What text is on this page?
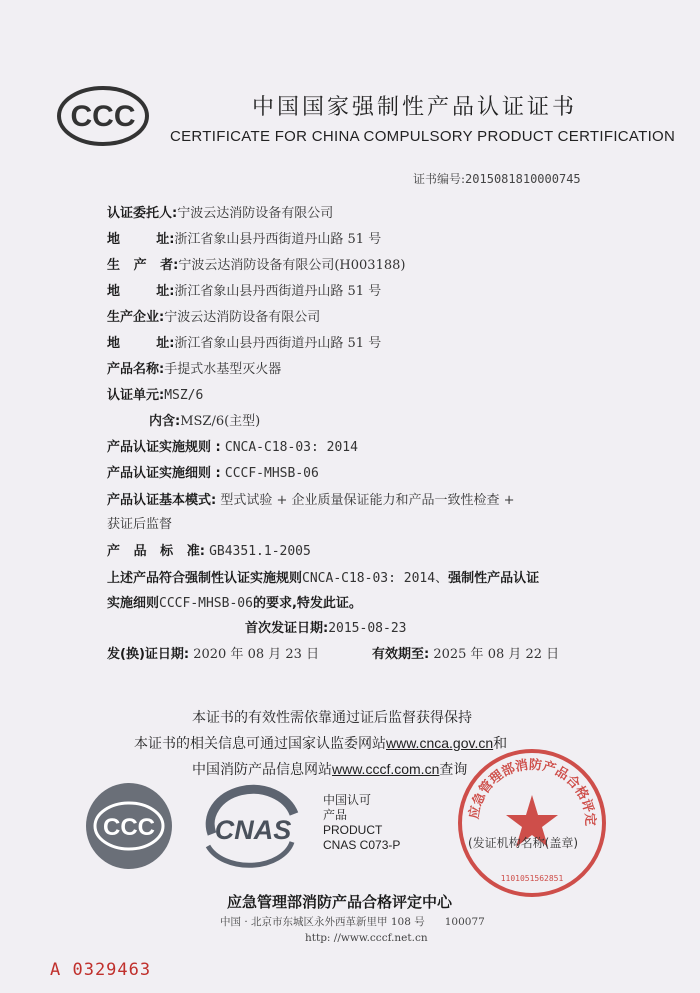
CCC	中国国家强制性产品认证证书
CERTIFICATE FOR CHINA COMPULSORY PRODUCT CERTIFICATION
证书编号:2015081810000745
认证委托人:宁波云达消防设备有限公司
地        址:浙江省象山县丹西街道丹山路 51 号
生   产   者:宁波云达消防设备有限公司(H003188)
地        址:浙江省象山县丹西街道丹山路 51 号
生产企业:宁波云达消防设备有限公司
地        址:浙江省象山县丹西街道丹山路 51 号
产品名称:手提式水基型灭火器
认证单元:MSZ/6
内含:MSZ/6(主型)
产品认证实施规则 : CNCA-C18-03: 2014
产品认证实施细则 : CCCF-MHSB-06
产品认证基本模式: 型式试验 + 企业质量保证能力和产品一致性检查 +
获证后监督
产   品   标   准: GB4351.1-2005
上述产品符合强制性认证实施规则CNCA-C18-03: 2014、强制性产品认证
实施细则CCCF-MHSB-06的要求,特发此证。
首次发证日期:2015-08-23
发(换)证日期: 2020 年 08 月 23 日	有效期至: 2025 年 08 月 22 日
本证书的有效性需依靠通过证后监督获得保持
本证书的相关信息可通过国家认监委网站www.cnca.gov.cn和
中国消防产品信息网站www.cccf.com.cn查询
CCC CNAS
中国认可
产品
PRODUCT
CNAS C073-P
应急管理部消防产品合格评定
1101051562851
(发证机构名称(盖章)
应急管理部消防产品合格评定中心
中国 · 北京市东城区永外西革新里甲 108 号      100077
http: //www.cccf.net.cn
A 0329463
